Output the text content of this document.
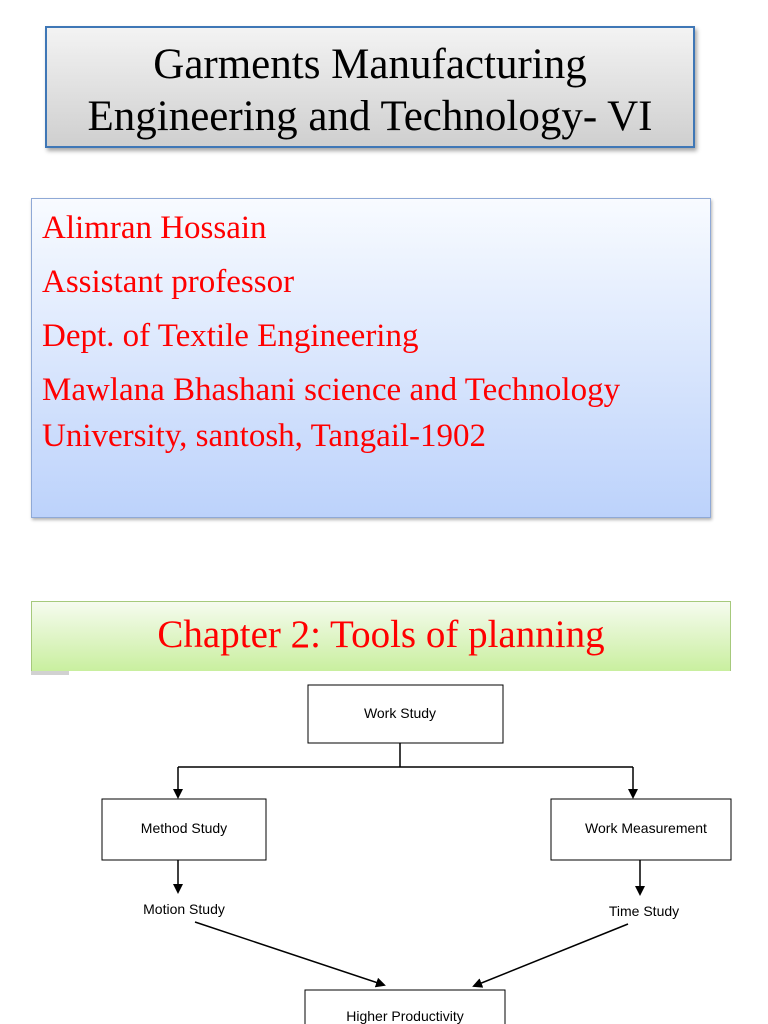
Garments Manufacturing
Engineering and Technology- VI
Alimran Hossain
Assistant professor
Dept. of Textile Engineering
Mawlana Bhashani science and Technology University, santosh, Tangail-1902
Chapter 2: Tools of planning
Work Study
Method Study	Work Measurement
Motion Study	Time Study
Higher Productivity
